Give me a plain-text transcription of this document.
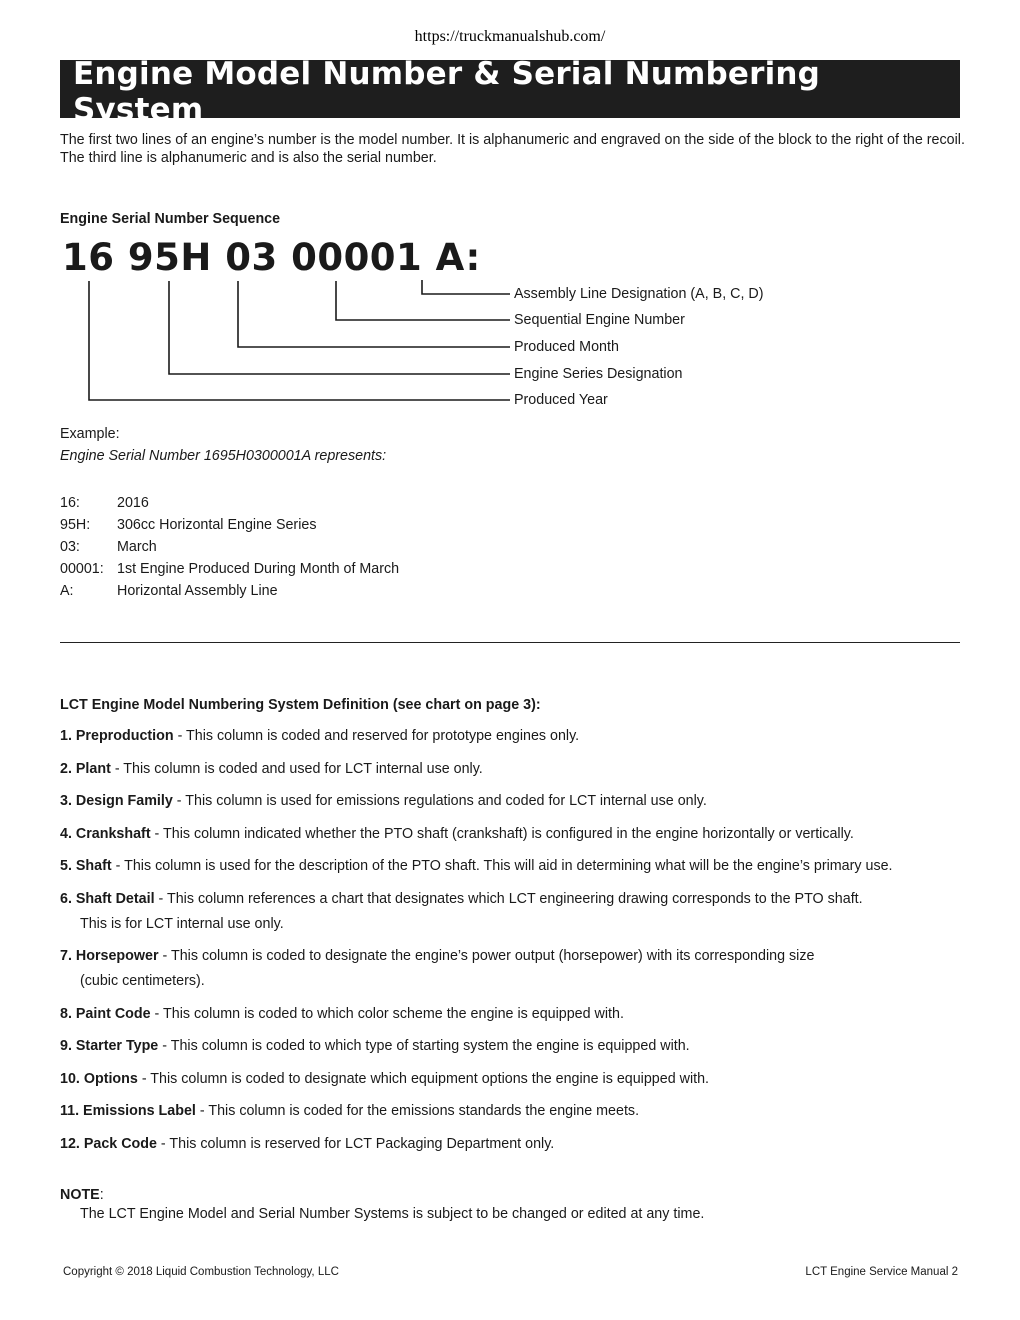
https://truckmanualshub.com/
Engine Model Number & Serial Numbering System

The first two lines of an engine’s number is the model number. It is alphanumeric and engraved on the side of the block to the right of the recoil. The third line is alphanumeric and is also the serial number.

Engine Serial Number Sequence

16 95H 03 00001 A:

Assembly Line Designation (A, B, C, D)

Sequential Engine Number

Produced Month

Engine Series Designation

Produced Year

Example:

Engine Serial Number 1695H0300001A represents:

16:	2016
95H:	306cc Horizontal Engine Series
03:	March
00001: 1st Engine Produced During Month of March
A:	Horizontal Assembly Line

LCT Engine Model Numbering System Definition (see chart on page 3):

1. Preproduction - This column is coded and reserved for prototype engines only.

2. Plant - This column is coded and used for LCT internal use only.

3. Design Family - This column is used for emissions regulations and coded for LCT internal use only.

4. Crankshaft - This column indicated whether the PTO shaft (crankshaft) is configured in the engine horizontally or vertically.

5. Shaft - This column is used for the description of the PTO shaft. This will aid in determining what will be the engine’s primary use.

6. Shaft Detail - This column references a chart that designates which LCT engineering drawing corresponds to the PTO shaft.
This is for LCT internal use only.

7. Horsepower - This column is coded to designate the engine’s power output (horsepower) with its corresponding size
(cubic centimeters).

8. Paint Code - This column is coded to which color scheme the engine is equipped with.

9. Starter Type - This column is coded to which type of starting system the engine is equipped with.

10. Options - This column is coded to designate which equipment options the engine is equipped with.

11. Emissions Label - This column is coded for the emissions standards the engine meets.

12. Pack Code - This column is reserved for LCT Packaging Department only.

NOTE:

The LCT Engine Model and Serial Number Systems is subject to be changed or edited at any time.

Copyright © 2018 Liquid Combustion Technology, LLC	LCT Engine Service Manual 2
